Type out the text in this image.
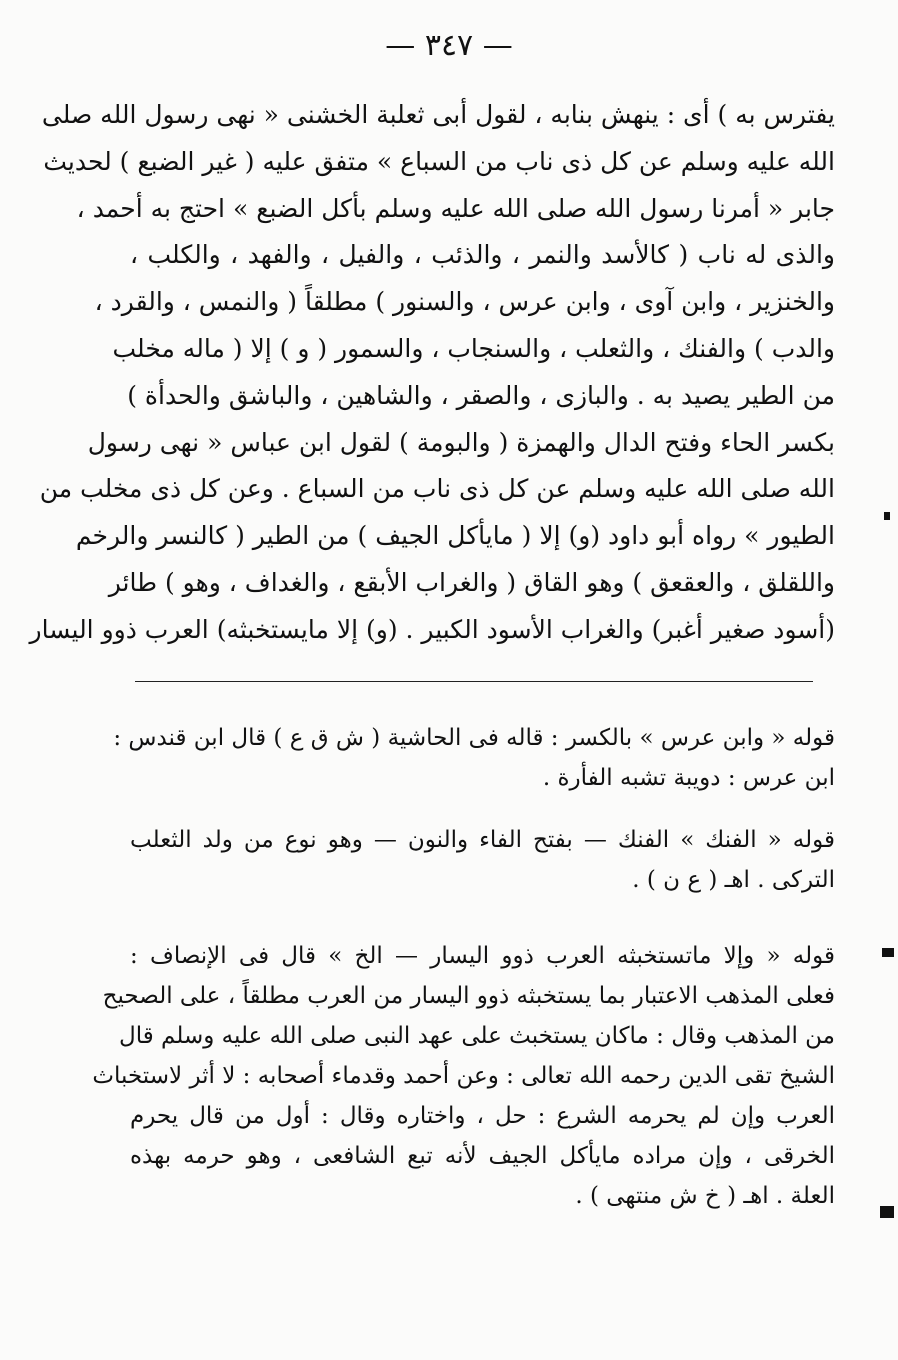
— ٣٤٧ —
يفترس به ) أى : ينهش بنابه ، لقول أبى ثعلبة الخشنى « نهى رسول الله صلى
الله عليه وسلم عن كل ذى ناب من السباع » متفق عليه ( غير الضبع ) لحديث
جابر « أمرنا رسول الله صلى الله عليه وسلم بأكل الضبع » احتج به أحمد ،
والذى له ناب ( كالأسد والنمر ، والذئب ، والفيل ، والفهد ، والكلب ،
والخنزير ، وابن آوى ، وابن عرس ، والسنور ) مطلقاً ( والنمس ، والقرد ،
والدب ) والفنك ، والثعلب ، والسنجاب ، والسمور ( و ) إلا ( ماله مخلب
من الطير يصيد به . والبازى ، والصقر ، والشاهين ، والباشق والحدأة )
بكسر الحاء وفتح الدال والهمزة ( والبومة ) لقول ابن عباس « نهى رسول
الله صلى الله عليه وسلم عن كل ذى ناب من السباع . وعن كل ذى مخلب من
الطيور » رواه أبو داود (و) إلا ( مايأكل الجيف ) من الطير ( كالنسر والرخم
واللقلق ، والعقعق ) وهو القاق ( والغراب الأبقع ، والغداف ، وهو ) طائر
(أسود صغير أغبر) والغراب الأسود الكبير . (و) إلا مايستخبثه) العرب ذوو اليسار
قوله « وابن عرس » بالكسر : قاله فى الحاشية ( ش ق ع ) قال ابن قندس :
ابن عرس : دويبة تشبه الفأرة .
قوله « الفنك » الفنك — بفتح الفاء والنون — وهو نوع من ولد الثعلب
التركى . اهـ ( ع ن ) .
قوله « وإلا ماتستخبثه العرب ذوو اليسار — الخ » قال فى الإنصاف :
فعلى المذهب الاعتبار بما يستخبثه ذوو اليسار من العرب مطلقاً ، على الصحيح
من المذهب وقال : ماكان يستخبث على عهد النبى صلى الله عليه وسلم قال
الشيخ تقى الدين رحمه الله تعالى : وعن أحمد وقدماء أصحابه : لا أثر لاستخباث
العرب وإن لم يحرمه الشرع : حل ، واختاره وقال : أول من قال يحرم
الخرقى ، وإن مراده مايأكل الجيف لأنه تبع الشافعى ، وهو حرمه بهذه
العلة . اهـ ( خ ش منتهى ) .
